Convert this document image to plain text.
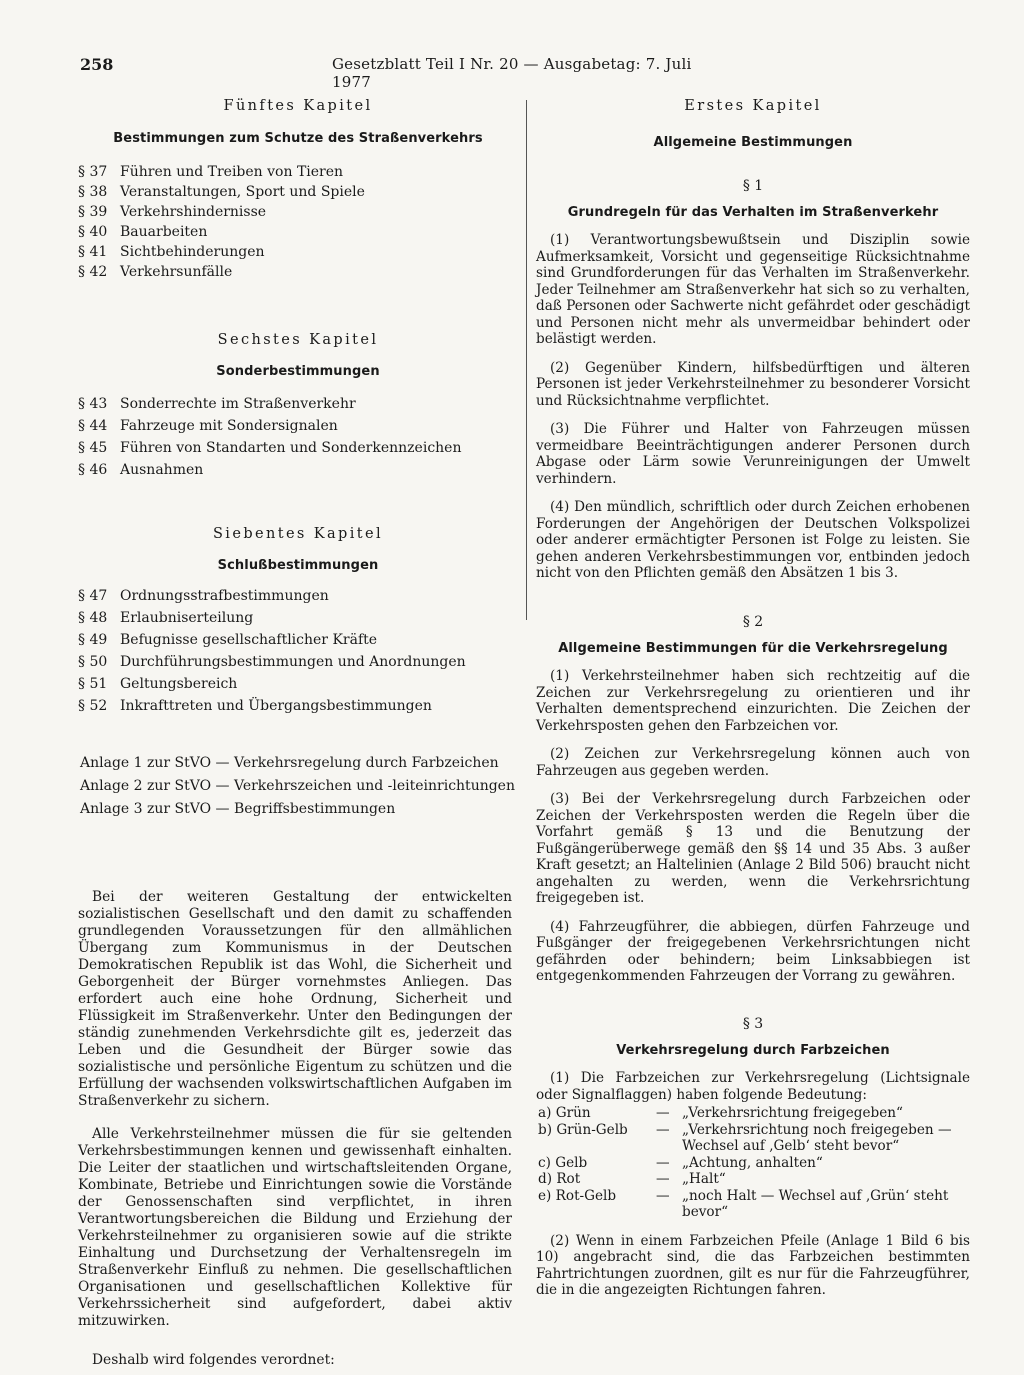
258	Gesetzblatt Teil I Nr. 20 — Ausgabetag: 7. Juli 1977

Fünftes Kapitel

Bestimmungen zum Schutze des Straßenverkehrs

§ 37 Führen und Treiben von Tieren
§ 38 Veranstaltungen, Sport und Spiele
§ 39 Verkehrshindernisse
§ 40 Bauarbeiten
§ 41 Sichtbehinderungen
§ 42 Verkehrsunfälle

Sechstes Kapitel

Sonderbestimmungen

§ 43 Sonderrechte im Straßenverkehr
§ 44 Fahrzeuge mit Sondersignalen
§ 45 Führen von Standarten und Sonderkennzeichen
§ 46 Ausnahmen

Siebentes Kapitel

Schlußbestimmungen

§ 47 Ordnungsstrafbestimmungen
§ 48 Erlaubniserteilung
§ 49 Befugnisse gesellschaftlicher Kräfte
§ 50 Durchführungsbestimmungen und Anordnungen
§ 51 Geltungsbereich
§ 52 Inkrafttreten und Übergangsbestimmungen
Anlage 1 zur StVO — Verkehrsregelung durch Farbzeichen
Anlage 2 zur StVO — Verkehrszeichen und -leiteinrichtungen
Anlage 3 zur StVO — Begriffsbestimmungen

Bei der weiteren Gestaltung der entwickelten sozialistischen Gesellschaft und den damit zu schaffenden grundlegenden Voraussetzungen für den allmählichen Übergang zum Kommunismus in der Deutschen Demokratischen Republik ist das Wohl, die Sicherheit und Geborgenheit der Bürger vornehmstes Anliegen. Das erfordert auch eine hohe Ordnung, Sicherheit und Flüssigkeit im Straßenverkehr. Unter den Bedingungen der ständig zunehmenden Verkehrsdichte gilt es, jederzeit das Leben und die Gesundheit der Bürger sowie das sozialistische und persönliche Eigentum zu schützen und die Erfüllung der wachsenden volkswirtschaftlichen Aufgaben im Straßenverkehr zu sichern.

Alle Verkehrsteilnehmer müssen die für sie geltenden Verkehrsbestimmungen kennen und gewissenhaft einhalten. Die Leiter der staatlichen und wirtschaftsleitenden Organe, Kombinate, Betriebe und Einrichtungen sowie die Vorstände der Genossenschaften sind verpflichtet, in ihren Verantwortungsbereichen die Bildung und Erziehung der Verkehrsteilnehmer zu organisieren sowie auf die strikte Einhaltung und Durchsetzung der Verhaltensregeln im Straßenverkehr Einfluß zu nehmen. Die gesellschaftlichen Organisationen und gesellschaftlichen Kollektive für Verkehrssicherheit sind aufgefordert, dabei aktiv mitzuwirken.

Deshalb wird folgendes verordnet:

Erstes Kapitel

Allgemeine Bestimmungen

§ 1

Grundregeln für das Verhalten im Straßenverkehr

(1) Verantwortungsbewußtsein und Disziplin sowie Aufmerksamkeit, Vorsicht und gegenseitige Rücksichtnahme sind Grundforderungen für das Verhalten im Straßenverkehr. Jeder Teilnehmer am Straßenverkehr hat sich so zu verhalten, daß Personen oder Sachwerte nicht gefährdet oder geschädigt und Personen nicht mehr als unvermeidbar behindert oder belästigt werden.

(2) Gegenüber Kindern, hilfsbedürftigen und älteren Personen ist jeder Verkehrsteilnehmer zu besonderer Vorsicht und Rücksichtnahme verpflichtet.

(3) Die Führer und Halter von Fahrzeugen müssen vermeidbare Beeinträchtigungen anderer Personen durch Abgase oder Lärm sowie Verunreinigungen der Umwelt verhindern.

(4) Den mündlich, schriftlich oder durch Zeichen erhobenen Forderungen der Angehörigen der Deutschen Volkspolizei oder anderer ermächtigter Personen ist Folge zu leisten. Sie gehen anderen Verkehrsbestimmungen vor, entbinden jedoch nicht von den Pflichten gemäß den Absätzen 1 bis 3.

§ 2

Allgemeine Bestimmungen für die Verkehrsregelung

(1) Verkehrsteilnehmer haben sich rechtzeitig auf die Zeichen zur Verkehrsregelung zu orientieren und ihr Verhalten dementsprechend einzurichten. Die Zeichen der Verkehrsposten gehen den Farbzeichen vor.

(2) Zeichen zur Verkehrsregelung können auch von Fahrzeugen aus gegeben werden.

(3) Bei der Verkehrsregelung durch Farbzeichen oder Zeichen der Verkehrsposten werden die Regeln über die Vorfahrt gemäß § 13 und die Benutzung der Fußgängerüberwege gemäß den §§ 14 und 35 Abs. 3 außer Kraft gesetzt; an Haltelinien (Anlage 2 Bild 506) braucht nicht angehalten zu werden, wenn die Verkehrsrichtung freigegeben ist.

(4) Fahrzeugführer, die abbiegen, dürfen Fahrzeuge und Fußgänger der freigegebenen Verkehrsrichtungen nicht gefährden oder behindern; beim Linksabbiegen ist entgegenkommenden Fahrzeugen der Vorrang zu gewähren.

§ 3

Verkehrsregelung durch Farbzeichen

(1) Die Farbzeichen zur Verkehrsregelung (Lichtsignale oder Signalflaggen) haben folgende Bedeutung:

a) Grün	—	„Verkehrsrichtung freigegeben“
b) Grün-Gelb	—	„Verkehrsrichtung noch freigegeben — Wechsel auf ‚Gelb‘ steht bevor“
c) Gelb	—	„Achtung, anhalten“
d) Rot	—	„Halt“
e) Rot-Gelb	—	„noch Halt — Wechsel auf ‚Grün‘ steht bevor“

(2) Wenn in einem Farbzeichen Pfeile (Anlage 1 Bild 6 bis 10) angebracht sind, die das Farbzeichen bestimmten Fahrtrichtungen zuordnen, gilt es nur für die Fahrzeugführer, die in die angezeigten Richtungen fahren.
